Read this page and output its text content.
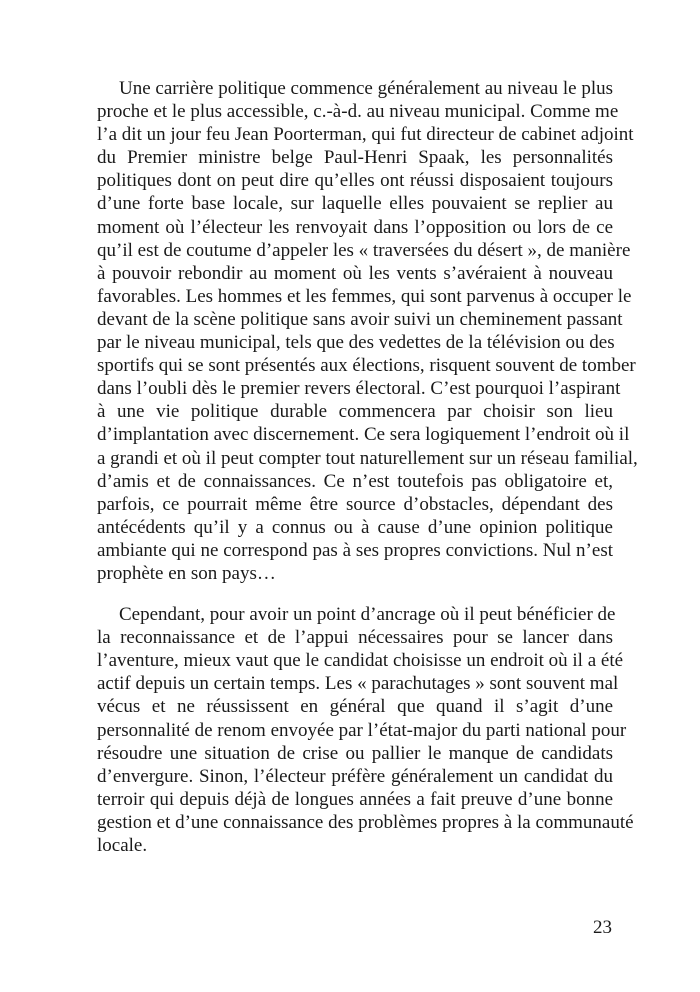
Une carrière politique commence généralement au niveau le plus
proche et le plus accessible, c.-à-d. au niveau municipal. Comme me
l’a dit un jour feu Jean Poorterman, qui fut directeur de cabinet adjoint
du Premier ministre belge Paul-Henri Spaak, les personnalités
politiques dont on peut dire qu’elles ont réussi disposaient toujours
d’une forte base locale, sur laquelle elles pouvaient se replier au
moment où l’électeur les renvoyait dans l’opposition ou lors de ce
qu’il est de coutume d’appeler les « traversées du désert », de manière
à pouvoir rebondir au moment où les vents s’avéraient à nouveau
favorables. Les hommes et les femmes, qui sont parvenus à occuper le
devant de la scène politique sans avoir suivi un cheminement passant
par le niveau municipal, tels que des vedettes de la télévision ou des
sportifs qui se sont présentés aux élections, risquent souvent de tomber
dans l’oubli dès le premier revers électoral. C’est pourquoi l’aspirant
à une vie politique durable commencera par choisir son lieu
d’implantation avec discernement. Ce sera logiquement l’endroit où il
a grandi et où il peut compter tout naturellement sur un réseau familial,
d’amis et de connaissances. Ce n’est toutefois pas obligatoire et,
parfois, ce pourrait même être source d’obstacles, dépendant des
antécédents qu’il y a connus ou à cause d’une opinion politique
ambiante qui ne correspond pas à ses propres convictions. Nul n’est
prophète en son pays…

Cependant, pour avoir un point d’ancrage où il peut bénéficier de
la reconnaissance et de l’appui nécessaires pour se lancer dans
l’aventure, mieux vaut que le candidat choisisse un endroit où il a été
actif depuis un certain temps. Les « parachutages » sont souvent mal
vécus et ne réussissent en général que quand il s’agit d’une
personnalité de renom envoyée par l’état-major du parti national pour
résoudre une situation de crise ou pallier le manque de candidats
d’envergure. Sinon, l’électeur préfère généralement un candidat du
terroir qui depuis déjà de longues années a fait preuve d’une bonne
gestion et d’une connaissance des problèmes propres à la communauté
locale.

23
